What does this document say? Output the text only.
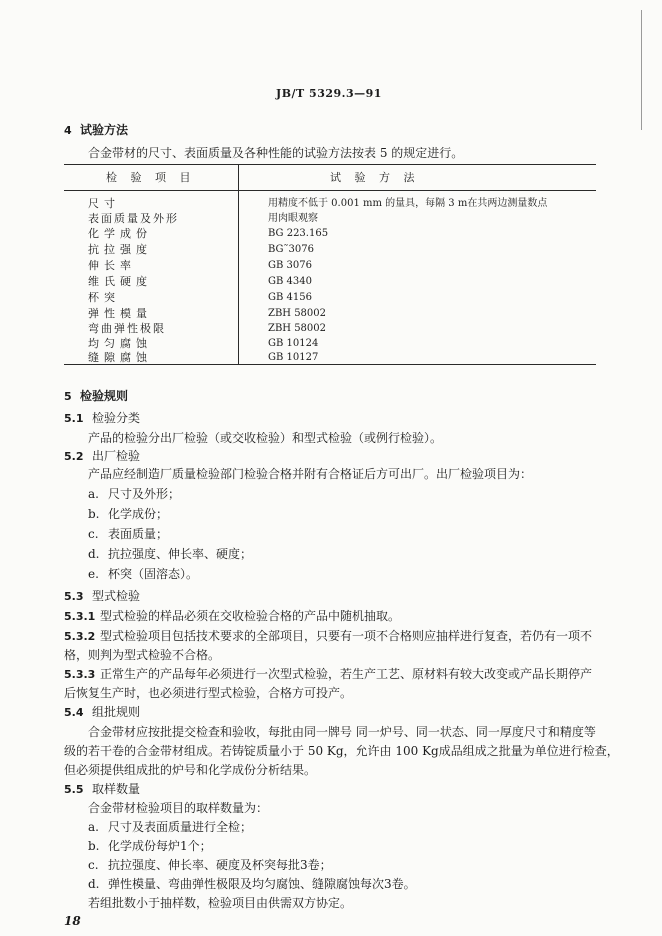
JB/T 5329.3—91
4 试验方法
合金带材的尺寸、表面质量及各种性能的试验方法按表 5 的规定进行。
检 验 项 目	试 验 方 法
尺寸	用精度不低于 0.001 mm 的量具，每隔 3 m在共两边测量数点
表面质量及外形	用肉眼观察
化学成份	BG 223.165
抗拉强度	BG˜3076
伸长率	GB 3076
维氏硬度	GB 4340
杯突	GB 4156
弹性模量	ZBH 58002
弯曲弹性极限	ZBH 58002
均匀腐蚀	GB 10124
缝隙腐蚀	GB 10127
5 检验规则
5.1 检验分类
产品的检验分出厂检验（或交收检验）和型式检验（或例行检验）。
5.2 出厂检验
产品应经制造厂质量检验部门检验合格并附有合格证后方可出厂。出厂检验项目为：
a. 尺寸及外形；
b. 化学成份；
c. 表面质量；
d. 抗拉强度、伸长率、硬度；
e. 杯突（固溶态）。
5.3 型式检验
5.3.1 型式检验的样品必须在交收检验合格的产品中随机抽取。
5.3.2 型式检验项目包括技术要求的全部项目，只要有一项不合格则应抽样进行复查，若仍有一项不
格，则判为型式检验不合格。
5.3.3 正常生产的产品每年必须进行一次型式检验，若生产工艺、原材料有较大改变或产品长期停产
后恢复生产时，也必须进行型式检验，合格方可投产。
5.4 组批规则
合金带材应按批提交检查和验收，每批由同一牌号 同一炉号、同一状态、同一厚度尺寸和精度等
级的若干卷的合金带材组成。若铸锭质量小于 50 Kg，允许由 100 Kg成品组成之批量为单位进行检查，
但必须提供组成批的炉号和化学成份分析结果。
5.5 取样数量
合金带材检验项目的取样数量为：
a. 尺寸及表面质量进行全检；
b. 化学成份每炉1个；
c. 抗拉强度、伸长率、硬度及杯突每批3卷；
d. 弹性模量、弯曲弹性极限及均匀腐蚀、缝隙腐蚀每次3卷。
若组批数小于抽样数，检验项目由供需双方协定。
18
